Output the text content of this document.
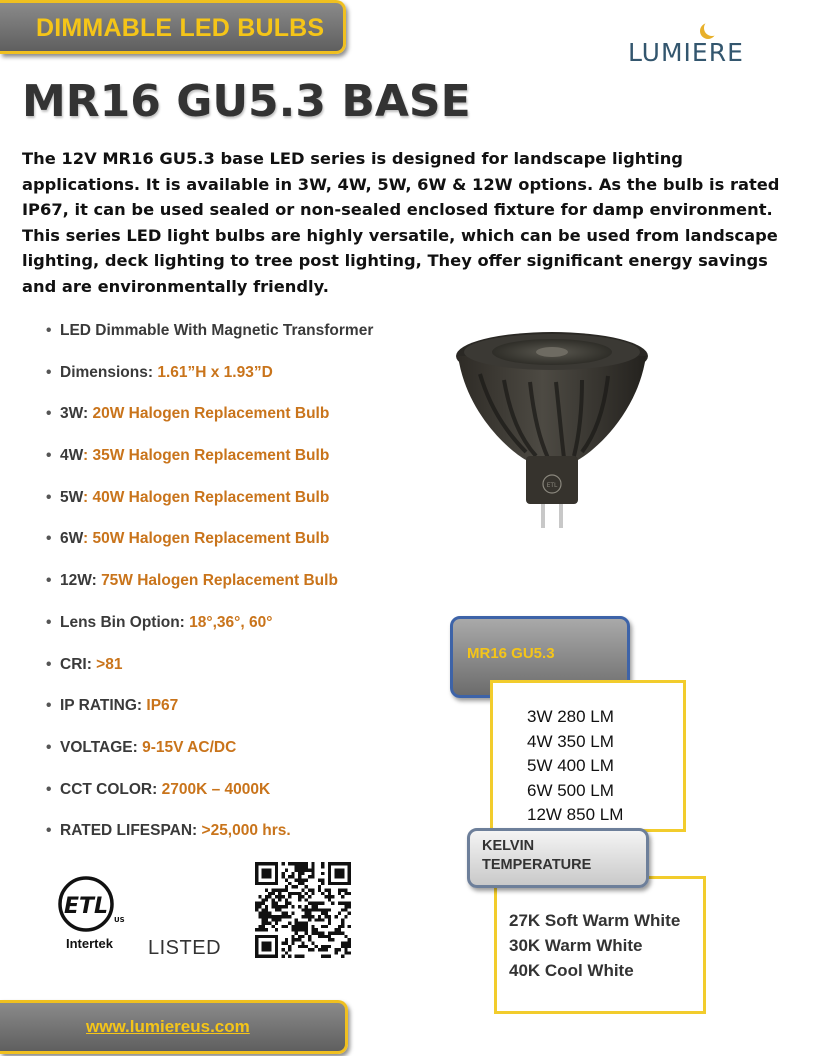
DIMMABLE LED BULBS
LUMIERE
MR16 GU5.3 BASE
The 12V MR16 GU5.3 base LED series is designed for landscape lighting applications. It is available in 3W, 4W, 5W, 6W & 12W options. As the bulb is rated IP67, it can be used sealed or non-sealed enclosed fixture for damp environment. This series LED light bulbs are highly versatile, which can be used from landscape lighting, deck lighting to tree post lighting, They offer significant energy savings and are environmentally friendly.
• LED Dimmable With Magnetic Transformer
• Dimensions: 1.61”H x 1.93”D
• 3W: 20W Halogen Replacement Bulb
• 4W: 35W Halogen Replacement Bulb
• 5W: 40W Halogen Replacement Bulb
• 6W: 50W Halogen Replacement Bulb
• 12W: 75W Halogen Replacement Bulb
• Lens Bin Option: 18°,36°, 60°
• CRI: >81
• IP RATING: IP67
• VOLTAGE: 9-15V AC/DC
• CCT COLOR: 2700K – 4000K
• RATED LIFESPAN: >25,000 hrs.
ETL
MR16 GU5.3
3W 280 LM
4W 350 LM
5W 400 LM
6W 500 LM
12W 850 LM
27K Soft Warm White
30K Warm White
40K Cool White
KELVIN
TEMPERATURE
ETL
US
Intertek LISTED
www.lumiereus.com
